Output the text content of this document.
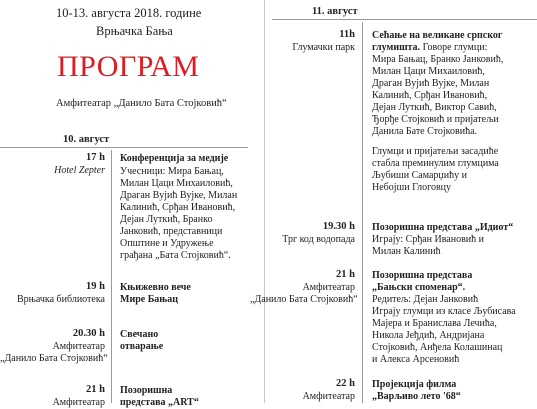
10-13. августа 2018. године
Врњачка Бања
ПРОГРАМ
Амфитеатар „Данило Бата Стојковић“
10. август
17 h
Hotel Zepter
Конференција за медије
Учесници: Мира Бањац,
Милан Цаци Михаиловић,
Драган Вујић Вујке, Милан
Калинић, Срђан Ивановић,
Дејан Луткић, Бранко
Јанковић, представници
Општине и Удружење
грађана „Бата Стојковић“.
19 h
Врњачка библиотека
Књижевно вече
Мире Бањац
20.30 h
Амфитеатар
„Данило Бата Стојковић“
Свечано
отварање
21 h
Амфитеатар
Позоришна
представа „ART“
11. август
11h
Глумачки парк
Сећање на великане српског
глумишта. Говоре глумци:
Мира Бањац, Бранко Јанковић,
Милан Цаци Михаиловић,
Драган Вујић Вујке, Милан
Калинић, Срђан Ивановић,
Дејан Луткић, Виктор Савић,
Ђорђе Стојковић и пријатељи
Данила Бате Стојковића.
Глумци и пријатељи засадиће
стабла преминулим глумцима
Љубиши Самарџићу и
Небојши Глоговцу
19.30 h
Трг код водопада
Позоришна представа „Идиот“
Играју: Срђан Ивановић и
Милан Калинић
21 h
Амфитеатар
„Данило Бата Стојковић“
Позоришна представа
„Бањски споменар“.
Редитељ: Дејан Јанковић
Играју глумци из класе Љубисава
Мајера и Бранислава Лечића,
Никола Јеђдић, Андријана
Стојковић, Анђела Колашинац
и Алекса Арсеновић
22 h
Амфитеатар
Пројекција филма
„Варљиво лето '68“
